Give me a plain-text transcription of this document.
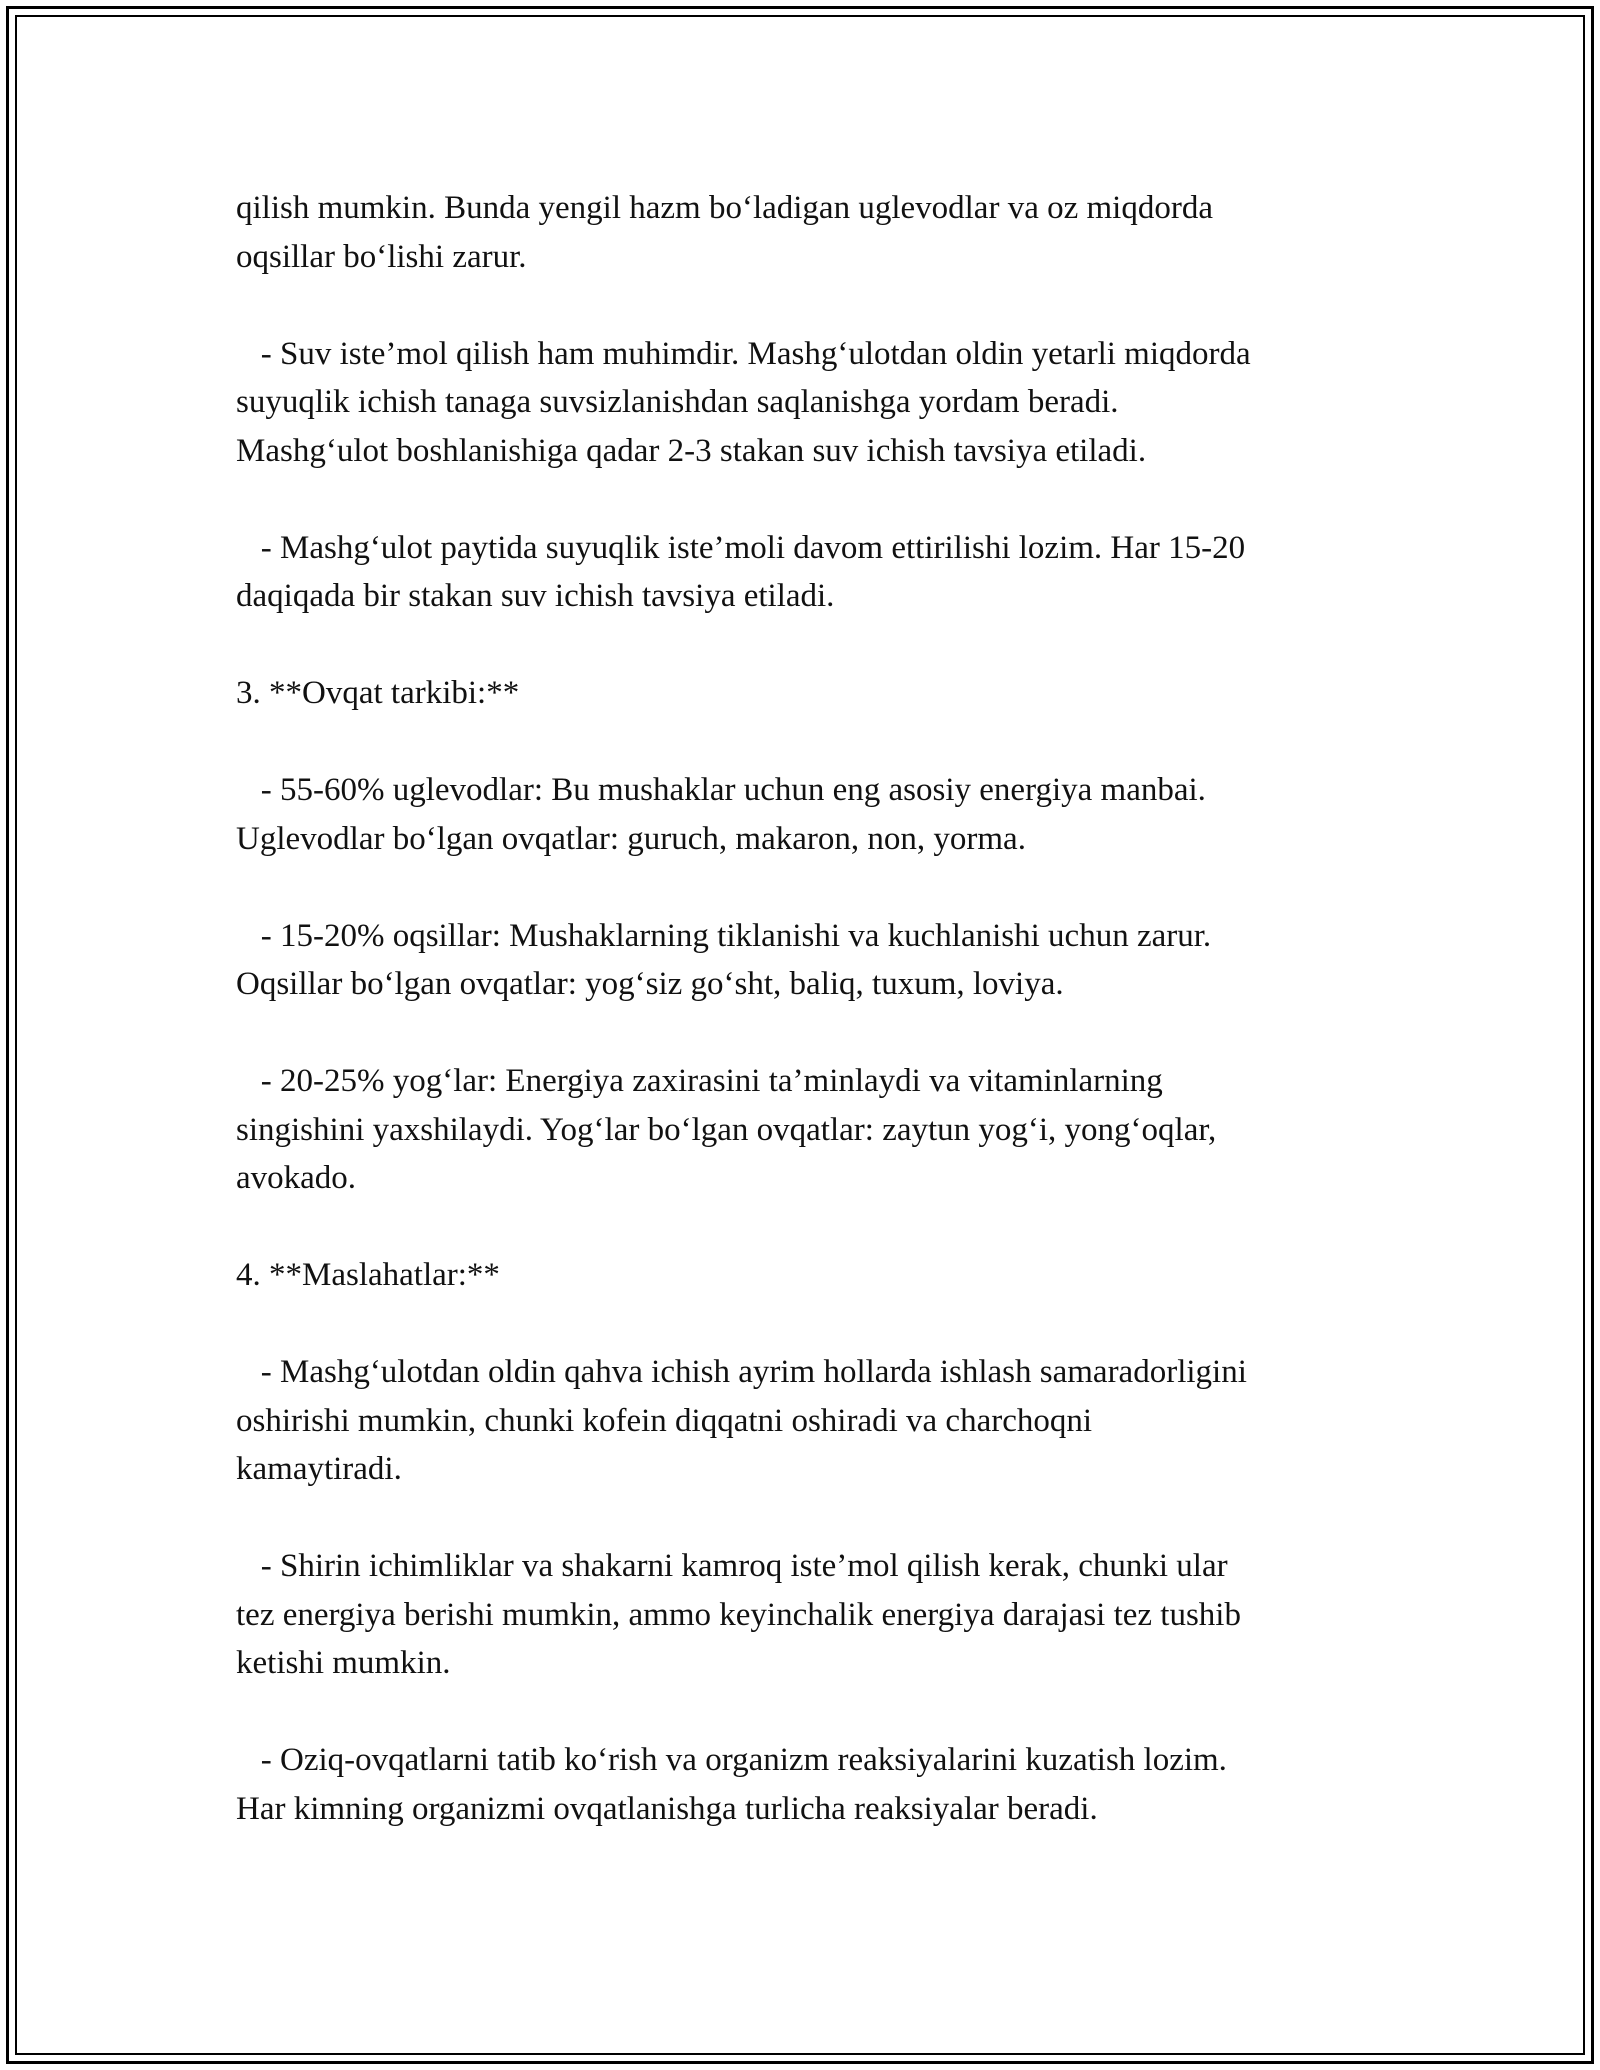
qilish mumkin. Bunda yengil hazm bo‘ladigan uglevodlar va oz miqdorda
oqsillar bo‘lishi zarur.

- Suv iste’mol qilish ham muhimdir. Mashg‘ulotdan oldin yetarli miqdorda
suyuqlik ichish tanaga suvsizlanishdan saqlanishga yordam beradi.
Mashg‘ulot boshlanishiga qadar 2-3 stakan suv ichish tavsiya etiladi.

- Mashg‘ulot paytida suyuqlik iste’moli davom ettirilishi lozim. Har 15-20
daqiqada bir stakan suv ichish tavsiya etiladi.

3. **Ovqat tarkibi:**

- 55-60% uglevodlar: Bu mushaklar uchun eng asosiy energiya manbai.
Uglevodlar bo‘lgan ovqatlar: guruch, makaron, non, yorma.

- 15-20% oqsillar: Mushaklarning tiklanishi va kuchlanishi uchun zarur.
Oqsillar bo‘lgan ovqatlar: yog‘siz go‘sht, baliq, tuxum, loviya.

- 20-25% yog‘lar: Energiya zaxirasini ta’minlaydi va vitaminlarning
singishini yaxshilaydi. Yog‘lar bo‘lgan ovqatlar: zaytun yog‘i, yong‘oqlar,
avokado.

4. **Maslahatlar:**

- Mashg‘ulotdan oldin qahva ichish ayrim hollarda ishlash samaradorligini
oshirishi mumkin, chunki kofein diqqatni oshiradi va charchoqni
kamaytiradi.

- Shirin ichimliklar va shakarni kamroq iste’mol qilish kerak, chunki ular
tez energiya berishi mumkin, ammo keyinchalik energiya darajasi tez tushib
ketishi mumkin.

- Oziq-ovqatlarni tatib ko‘rish va organizm reaksiyalarini kuzatish lozim.
Har kimning organizmi ovqatlanishga turlicha reaksiyalar beradi.
